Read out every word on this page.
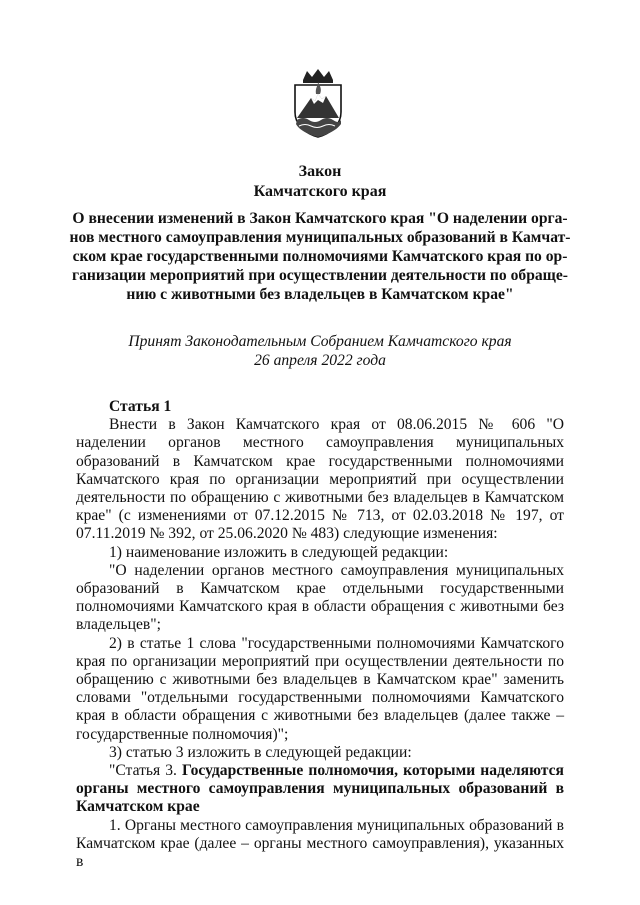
Закон
Камчатского края
О внесении изменений в Закон Камчатского края "О наделении орга-
нов местного самоуправления муниципальных образований в Камчат-
ском крае государственными полномочиями Камчатского края по ор-
ганизации мероприятий при осуществлении деятельности по обраще-
нию с животными без владельцев в Камчатском крае"
Принят Законодательным Собранием Камчатского края
26 апреля 2022 года

Статья 1

Внести в Закон Камчатского края от 08.06.2015 № 606 "О наделении органов местного самоуправления муниципальных образований в Камчатском крае государственными полномочиями Камчатского края по организации мероприятий при осуществлении деятельности по обращению с животными без владельцев в Камчатском крае" (с изменениями от 07.12.2015 № 713, от 02.03.2018 № 197, от 07.11.2019 № 392, от 25.06.2020 № 483) следующие изменения:

1) наименование изложить в следующей редакции:

"О наделении органов местного самоуправления муниципальных образований в Камчатском крае отдельными государственными полномочиями Камчатского края в области обращения с животными без владельцев";

2) в статье 1 слова "государственными полномочиями Камчатского края по организации мероприятий при осуществлении деятельности по обращению с животными без владельцев в Камчатском крае" заменить словами "отдельными государственными полномочиями Камчатского края в области обращения с животными без владельцев (далее также – государственные полномочия)";

3) статью 3 изложить в следующей редакции:

"Статья 3. Государственные полномочия, которыми наделяются органы местного самоуправления муниципальных образований в Камчатском крае

1. Органы местного самоуправления муниципальных образований в Камчатском крае (далее – органы местного самоуправления), указанных в
